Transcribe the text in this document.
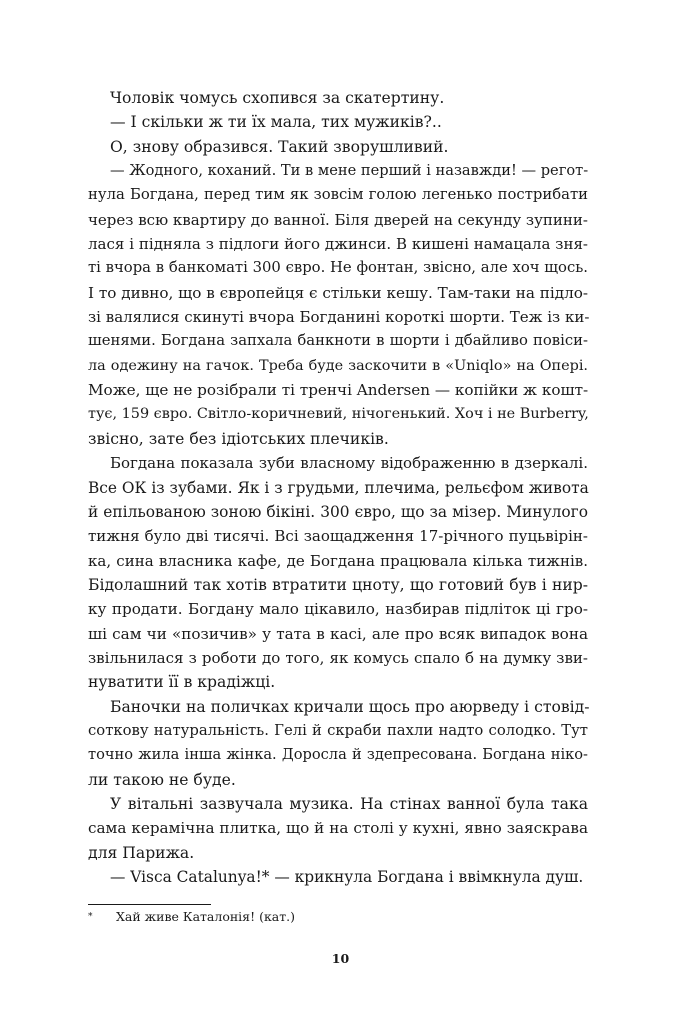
Чоловік чомусь схопився за скатертину.
— І скільки ж ти їх мала, тих мужиків?..
О, знову образився. Такий зворушливий.
— Жодного, коханий. Ти в мене перший і назавжди! — регот-
нула Богдана, перед тим як зовсім голою легенько пострибати
через всю квартиру до ванної. Біля дверей на секунду зупини-
лася і підняла з підлоги його джинси. В кишені намацала зня-
ті вчора в банкоматі 300 євро. Не фонтан, звісно, але хоч щось.
І то дивно, що в європейця є стільки кешу. Там-таки на підло-
зі валялися скинуті вчора Богданині короткі шорти. Теж із ки-
шенями. Богдана запхала банкноти в шорти і дбайливо повіси-
ла одежину на гачок. Треба буде заскочити в «Uniqlo» на Опері.
Може, ще не розібрали ті тренчі Andersen — копійки ж кошт-
тує, 159 євро. Світло-коричневий, нічогенький. Хоч і не Burberry,
звісно, зате без ідіотських плечиків.
Богдана показала зуби власному відображенню в дзеркалі.
Все ОК із зубами. Як і з грудьми, плечима, рельєфом живота
й епільованою зоною бікіні. 300 євро, що за мізер. Минулого
тижня було дві тисячі. Всі заощадження 17-річного пуцьвірін-
ка, сина власника кафе, де Богдана працювала кілька тижнів.
Бідолашний так хотів втратити цноту, що готовий був і нир-
ку продати. Богдану мало цікавило, назбирав підліток ці гро-
ші сам чи «позичив» у тата в касі, але про всяк випадок вона
звільнилася з роботи до того, як комусь спало б на думку зви-
нуватити її в крадіжці.
Баночки на поличках кричали щось про аюрведу і стовід-
соткову натуральність. Гелі й скраби пахли надто солодко. Тут
точно жила інша жінка. Доросла й здепресована. Богдана ніко-
ли такою не буде.
У вітальні зазвучала музика. На стінах ванної була така
сама керамічна плитка, що й на столі у кухні, явно заяскрава
для Парижа.
— Visca Catalunya!* — крикнула Богдана і ввімкнула душ.
* Хай живе Каталонія! (кат.)
10
